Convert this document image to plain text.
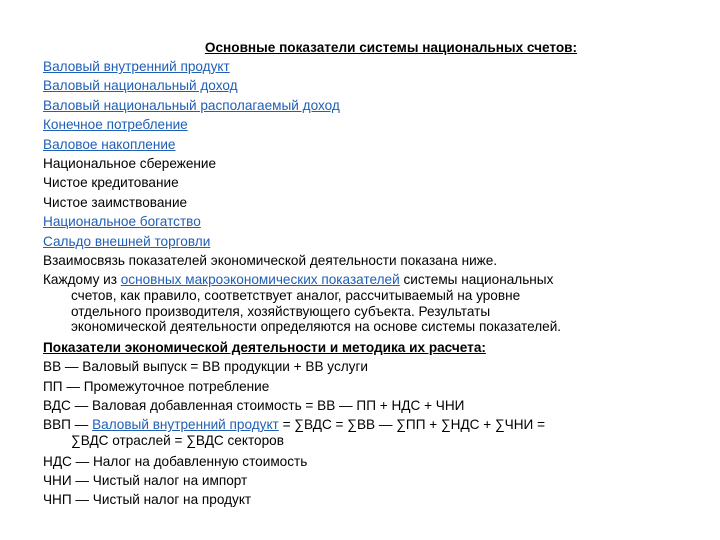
Основные показатели системы национальных счетов:
Валовый внутренний продукт
Валовый национальный доход
Валовый национальный располагаемый доход
Конечное потребление
Валовое накопление
Национальное сбережение
Чистое кредитование
Чистое заимствование
Национальное богатство
Сальдо внешней торговли
Взаимосвязь показателей экономической деятельности показана ниже.
Каждому из основных макроэкономических показателей системы национальных
счетов, как правило, соответствует аналог, рассчитываемый на уровне
отдельного производителя, хозяйствующего субъекта. Результаты
экономической деятельности определяются на основе системы показателей.
Показатели экономической деятельности и методика их расчета:
ВВ — Валовый выпуск = ВВ продукции + ВВ услуги
ПП — Промежуточное потребление
ВДС — Валовая добавленная стоимость = ВВ — ПП + НДС + ЧНИ
ВВП — Валовый внутренний продукт = ∑ВДС = ∑ВВ — ∑ПП + ∑НДС + ∑ЧНИ =
∑ВДС отраслей = ∑ВДС секторов
НДС — Налог на добавленную стоимость
ЧНИ — Чистый налог на импорт
ЧНП — Чистый налог на продукт
